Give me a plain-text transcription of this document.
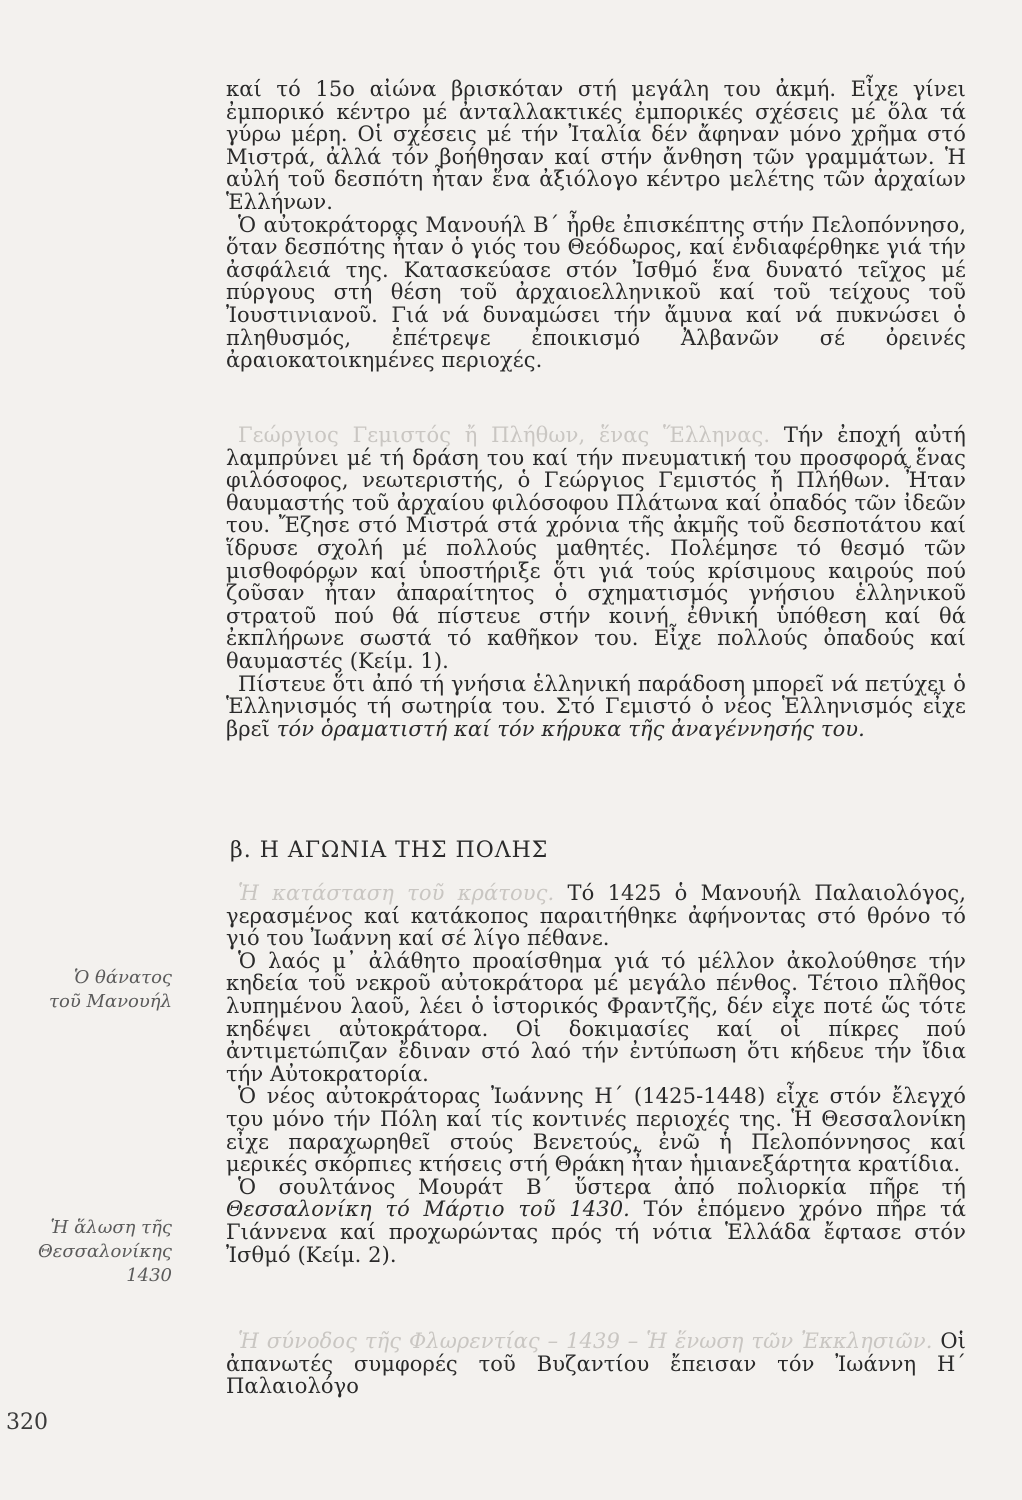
καί τό 15ο αἰώνα βρισκόταν στή μεγάλη του ἀκμή. Εἶχε γίνει ἐμπορικό κέντρο μέ ἀνταλλακτικές ἐμπορικές σχέσεις μέ ὅλα τά γύρω μέρη. Οἱ σχέσεις μέ τήν Ἰταλία δέν ἄφηναν μόνο χρῆμα στό Μιστρά, ἀλλά τόν βοήθησαν καί στήν ἄνθηση τῶν γραμμάτων. Ἡ αὐλή τοῦ δεσπότη ἦταν ἕνα ἀξιόλογο κέντρο μελέτης τῶν ἀρχαίων Ἑλλήνων.

Ὁ αὐτοκράτορας Μανουήλ Β΄ ἦρθε ἐπισκέπτης στήν Πελοπόννησο, ὅταν δεσπότης ἦταν ὁ γιός του Θεόδωρος, καί ἐνδιαφέρθηκε γιά τήν ἀσφάλειά της. Κατασκεύασε στόν Ἰσθμό ἕνα δυνατό τεῖχος μέ πύργους στή θέση τοῦ ἀρχαιοελληνικοῦ καί τοῦ τείχους τοῦ Ἰουστινιανοῦ. Γιά νά δυναμώσει τήν ἄμυνα καί νά πυκνώσει ὁ πληθυσμός, ἐπέτρεψε ἐποικισμό Ἀλβανῶν σέ ὀρεινές ἀραιοκατοικημένες περιοχές.

Γεώργιος Γεμιστός ἤ Πλήθων, ἕνας Ἕλληνας. Τήν ἐποχή αὐτή λαμπρύνει μέ τή δράση του καί τήν πνευματική του προσφορά ἕνας φιλόσοφος, νεωτεριστής, ὁ Γεώργιος Γεμιστός ἤ Πλήθων. Ἦταν θαυμαστής τοῦ ἀρχαίου φιλόσοφου Πλάτωνα καί ὀπαδός τῶν ἰδεῶν του. Ἔζησε στό Μιστρά στά χρόνια τῆς ἀκμῆς τοῦ δεσποτάτου καί ἵδρυσε σχολή μέ πολλούς μαθητές. Πολέμησε τό θεσμό τῶν μισθοφόρων καί ὑποστήριξε ὅτι γιά τούς κρίσιμους καιρούς πού ζοῦσαν ἦταν ἀπαραίτητος ὁ σχηματισμός γνήσιου ἑλληνικοῦ στρατοῦ πού θά πίστευε στήν κοινή ἐθνική ὑπόθεση καί θά ἐκπλήρωνε σωστά τό καθῆκον του. Εἶχε πολλούς ὀπαδούς καί θαυμαστές (Κείμ. 1).

Πίστευε ὅτι ἀπό τή γνήσια ἑλληνική παράδοση μπορεῖ νά πετύχει ὁ Ἑλληνισμός τή σωτηρία του. Στό Γεμιστό ὁ νέος Ἑλληνισμός εἶχε βρεῖ τόν ὁραματιστή καί τόν κήρυκα τῆς ἀναγέννησής του.

β. Η ΑΓΩΝΙΑ ΤΗΣ ΠΟΛΗΣ

Ἡ κατάσταση τοῦ κράτους. Τό 1425 ὁ Μανουήλ Παλαιολόγος, γερασμένος καί κατάκοπος παραιτήθηκε ἀφήνοντας στό θρόνο τό γιό του Ἰωάννη καί σέ λίγο πέθανε.

Ὁ λαός μ᾿ ἀλάθητο προαίσθημα γιά τό μέλλον ἀκολούθησε τήν κηδεία τοῦ νεκροῦ αὐτοκράτορα μέ μεγάλο πένθος. Τέτοιο πλῆθος λυπημένου λαοῦ, λέει ὁ ἱστορικός Φραντζῆς, δέν εἶχε ποτέ ὥς τότε κηδέψει αὐτοκράτορα. Οἱ δοκιμασίες καί οἱ πίκρες πού ἀντιμετώπιζαν ἔδιναν στό λαό τήν ἐντύπωση ὅτι κήδευε τήν ἴδια τήν Αὐτοκρατορία.

Ὁ νέος αὐτοκράτορας Ἰωάννης Η΄ (1425-1448) εἶχε στόν ἔλεγχό του μόνο τήν Πόλη καί τίς κοντινές περιοχές της. Ἡ Θεσσαλονίκη εἶχε παραχωρηθεῖ στούς Βενετούς, ἐνῶ ἡ Πελοπόννησος καί μερικές σκόρπιες κτήσεις στή Θράκη ἦταν ἡμιανεξάρτητα κρατίδια.

Ὁ σουλτάνος Μουράτ Β΄ ὕστερα ἀπό πολιορκία πῆρε τή Θεσσαλονίκη τό Μάρτιο τοῦ 1430. Τόν ἑπόμενο χρόνο πῆρε τά Γιάννενα καί προχωρώντας πρός τή νότια Ἑλλάδα ἔφτασε στόν Ἰσθμό (Κείμ. 2).

Ἡ σύνοδος τῆς Φλωρεντίας – 1439 – Ἡ ἕνωση τῶν Ἐκκλησιῶν. Οἱ ἀπανωτές συμφορές τοῦ Βυζαντίου ἔπεισαν τόν Ἰωάννη Η΄ Παλαιολόγο

Ὁ θάνατος
τοῦ Μανουήλ
Ἡ ἅλωση τῆς
Θεσσαλονίκης
1430
320
